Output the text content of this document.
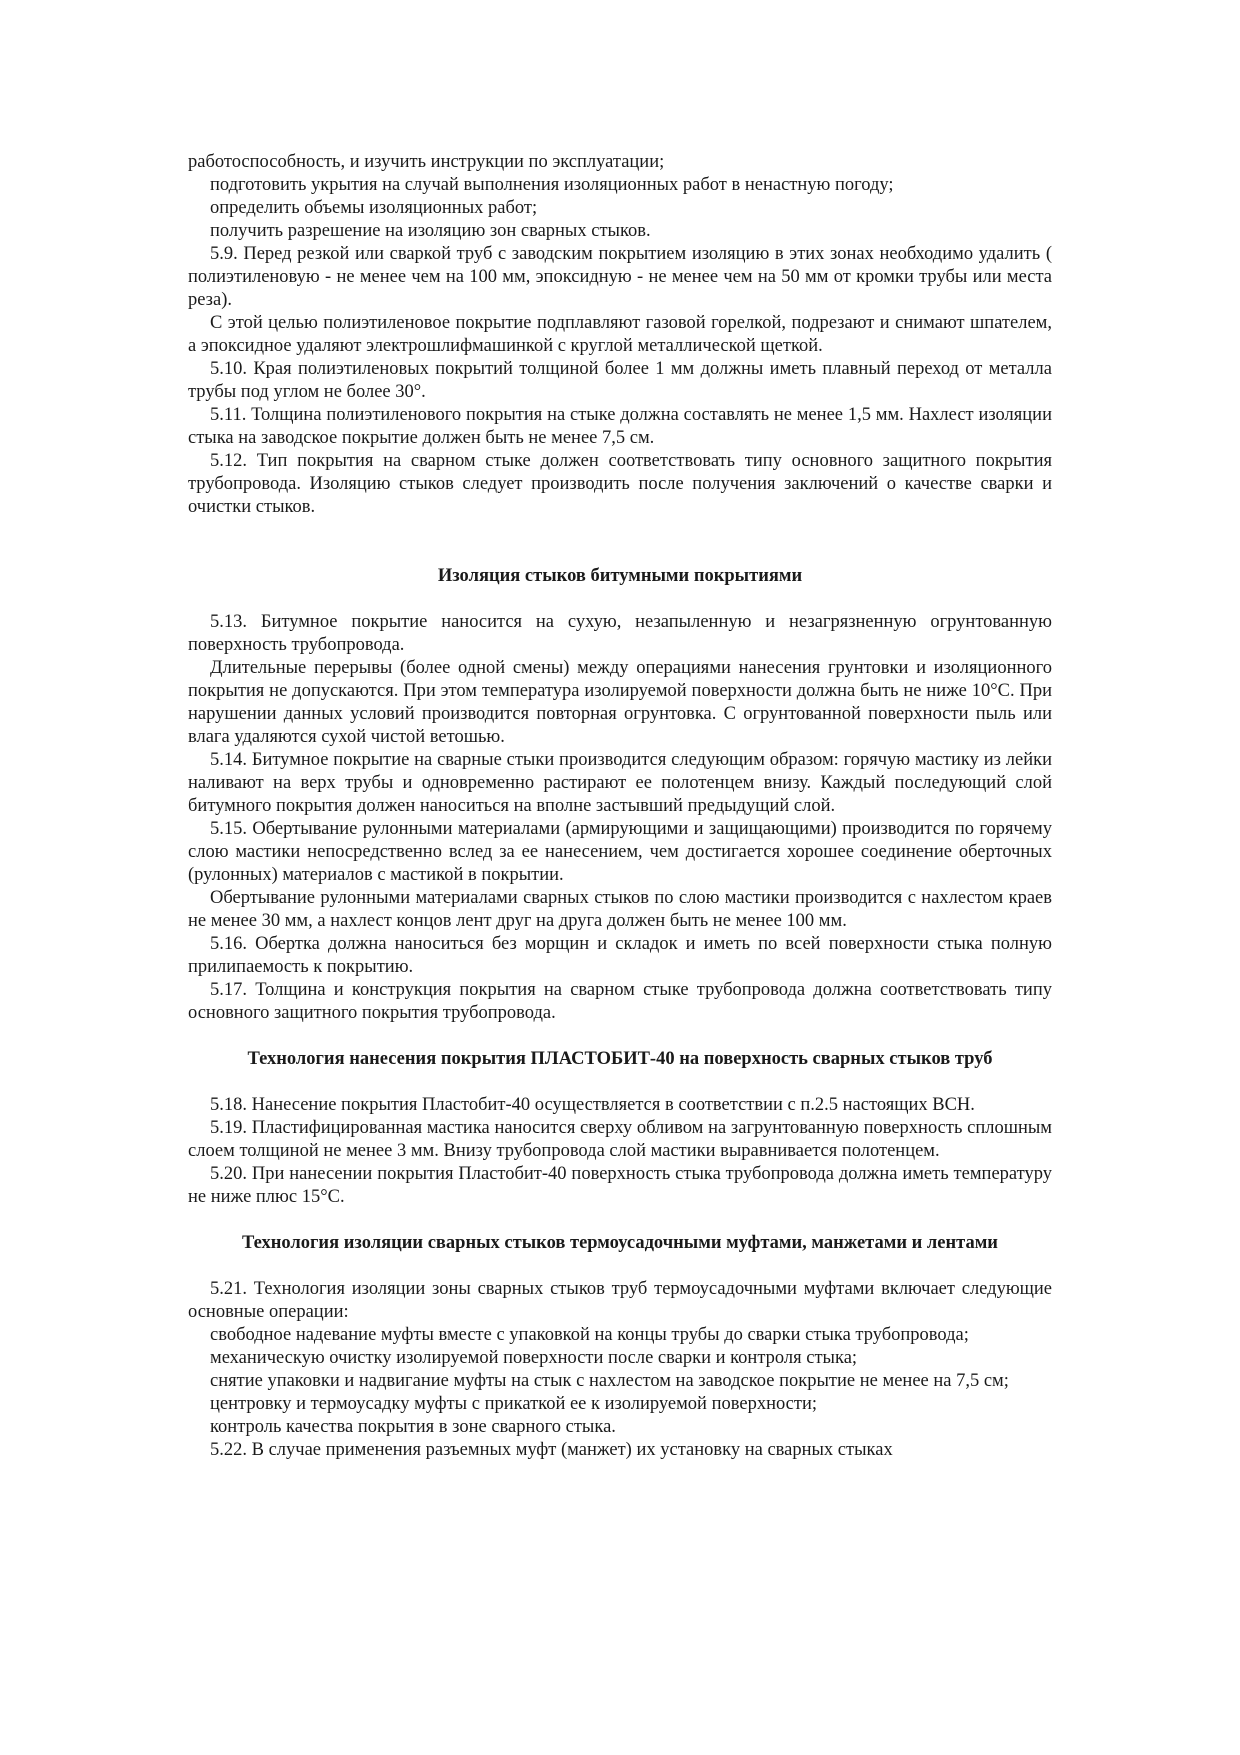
работоспособность, и изучить инструкции по эксплуатации;

подготовить укрытия на случай выполнения изоляционных работ в ненастную погоду;

определить объемы изоляционных работ;

получить разрешение на изоляцию зон сварных стыков.

5.9. Перед резкой или сваркой труб с заводским покрытием изоляцию в этих зонах необходимо удалить ( полиэтиленовую - не менее чем на 100 мм, эпоксидную - не менее чем на 50 мм от кромки трубы или места реза).

С этой целью полиэтиленовое покрытие подплавляют газовой горелкой, подрезают и снимают шпателем, а эпоксидное удаляют электрошлифмашинкой с круглой металлической щеткой.

5.10. Края полиэтиленовых покрытий толщиной более 1 мм должны иметь плавный переход от металла трубы под углом не более 30°.

5.11. Толщина полиэтиленового покрытия на стыке должна составлять не менее 1,5 мм. Нахлест изоляции стыка на заводское покрытие должен быть не менее 7,5 см.

5.12. Тип покрытия на сварном стыке должен соответствовать типу основного защитного покрытия трубопровода. Изоляцию стыков следует производить после получения заключений о качестве сварки и очистки стыков.

Изоляция стыков битумными покрытиями

5.13. Битумное покрытие наносится на сухую, незапыленную и незагрязненную огрунтованную поверхность трубопровода.

Длительные перерывы (более одной смены) между операциями нанесения грунтовки и изоляционного покрытия не допускаются. При этом температура изолируемой поверхности должна быть не ниже 10°С. При нарушении данных условий производится повторная огрунтовка. С огрунтованной поверхности пыль или влага удаляются сухой чистой ветошью.

5.14. Битумное покрытие на сварные стыки производится следующим образом: горячую мастику из лейки наливают на верх трубы и одновременно растирают ее полотенцем внизу. Каждый последующий слой битумного покрытия должен наноситься на вполне застывший предыдущий слой.

5.15. Обертывание рулонными материалами (армирующими и защищающими) производится по горячему слою мастики непосредственно вслед за ее нанесением, чем достигается хорошее соединение оберточных (рулонных) материалов с мастикой в покрытии.

Обертывание рулонными материалами сварных стыков по слою мастики производится с нахлестом краев не менее 30 мм, а нахлест концов лент друг на друга должен быть не менее 100 мм.

5.16. Обертка должна наноситься без морщин и складок и иметь по всей поверхности стыка полную прилипаемость к покрытию.

5.17. Толщина и конструкция покрытия на сварном стыке трубопровода должна соответствовать типу основного защитного покрытия трубопровода.

Технология нанесения покрытия ПЛАСТОБИТ-40 на поверхность сварных стыков труб

5.18. Нанесение покрытия Пластобит-40 осуществляется в соответствии с п.2.5 настоящих ВСН.

5.19. Пластифицированная мастика наносится сверху обливом на загрунтованную поверхность сплошным слоем толщиной не менее 3 мм. Внизу трубопровода слой мастики выравнивается полотенцем.

5.20. При нанесении покрытия Пластобит-40 поверхность стыка трубопровода должна иметь температуру не ниже плюс 15°С.

Технология изоляции сварных стыков термоусадочными муфтами, манжетами и лентами

5.21. Технология изоляции зоны сварных стыков труб термоусадочными муфтами включает следующие основные операции:

свободное надевание муфты вместе с упаковкой на концы трубы до сварки стыка трубопровода;

механическую очистку изолируемой поверхности после сварки и контроля стыка;

снятие упаковки и надвигание муфты на стык с нахлестом на заводское покрытие не менее на 7,5 см;

центровку и термоусадку муфты с прикаткой ее к изолируемой поверхности;

контроль качества покрытия в зоне сварного стыка.

5.22. В случае применения разъемных муфт (манжет) их установку на сварных стыках
